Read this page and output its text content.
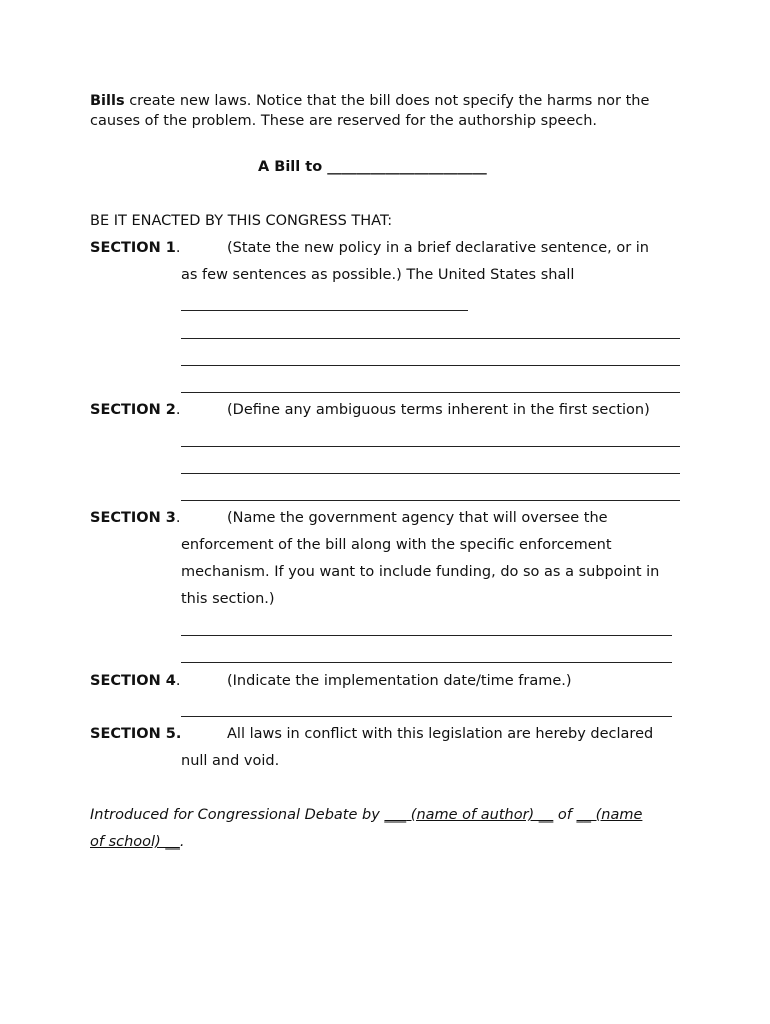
Bills create new laws. Notice that the bill does not specify the harms nor the
causes of the problem. These are reserved for the authorship speech.
A Bill to ______________________
BE IT ENACTED BY THIS CONGRESS THAT:
SECTION 1.	(State the new policy in a brief declarative sentence, or in
as few sentences as possible.) The United States shall
SECTION 2.	(Define any ambiguous terms inherent in the first section)
SECTION 3.	(Name the government agency that will oversee the
enforcement of the bill along with the specific enforcement
mechanism. If you want to include funding, do so as a subpoint in
this section.)
SECTION 4.	(Indicate the implementation date/time frame.)
SECTION 5.	All laws in conflict with this legislation are hereby declared
null and void.
Introduced for Congressional Debate by ___ (name of author) __ of __ (name
of school) __.
